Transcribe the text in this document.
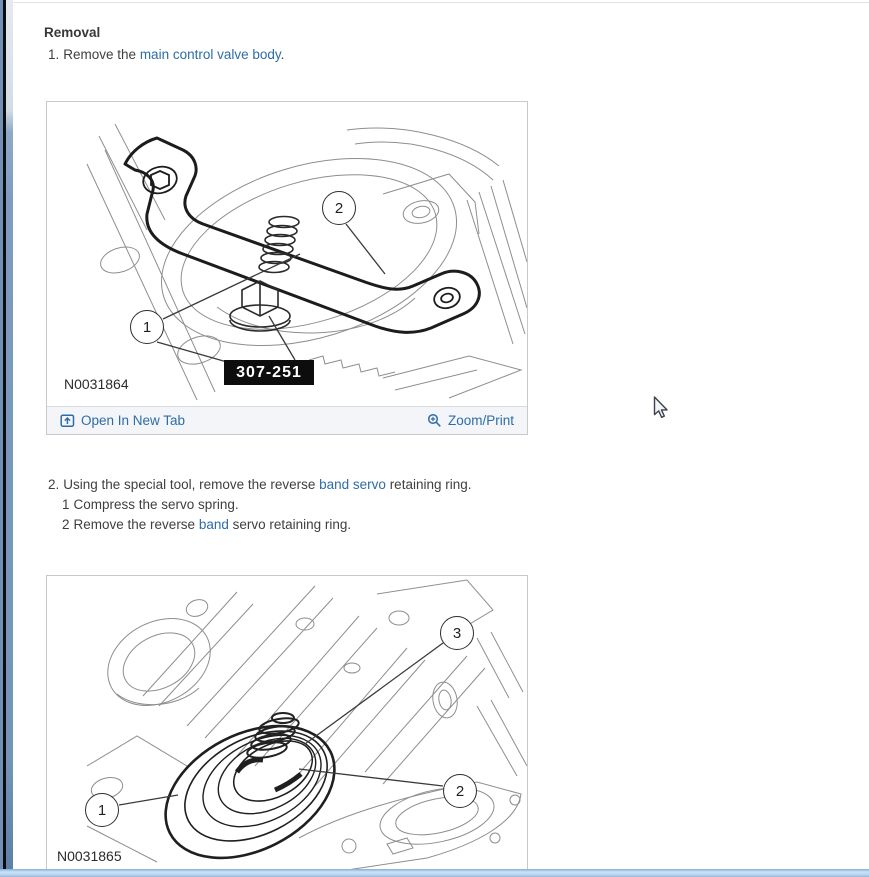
Removal
1. Remove the main control valve body.
1
2
307-251
N0031864
Open In New Tab	Zoom/Print
2. Using the special tool, remove the reverse band servo retaining ring.
1 Compress the servo spring.
2 Remove the reverse band servo retaining ring.
3
2
1
N0031865
